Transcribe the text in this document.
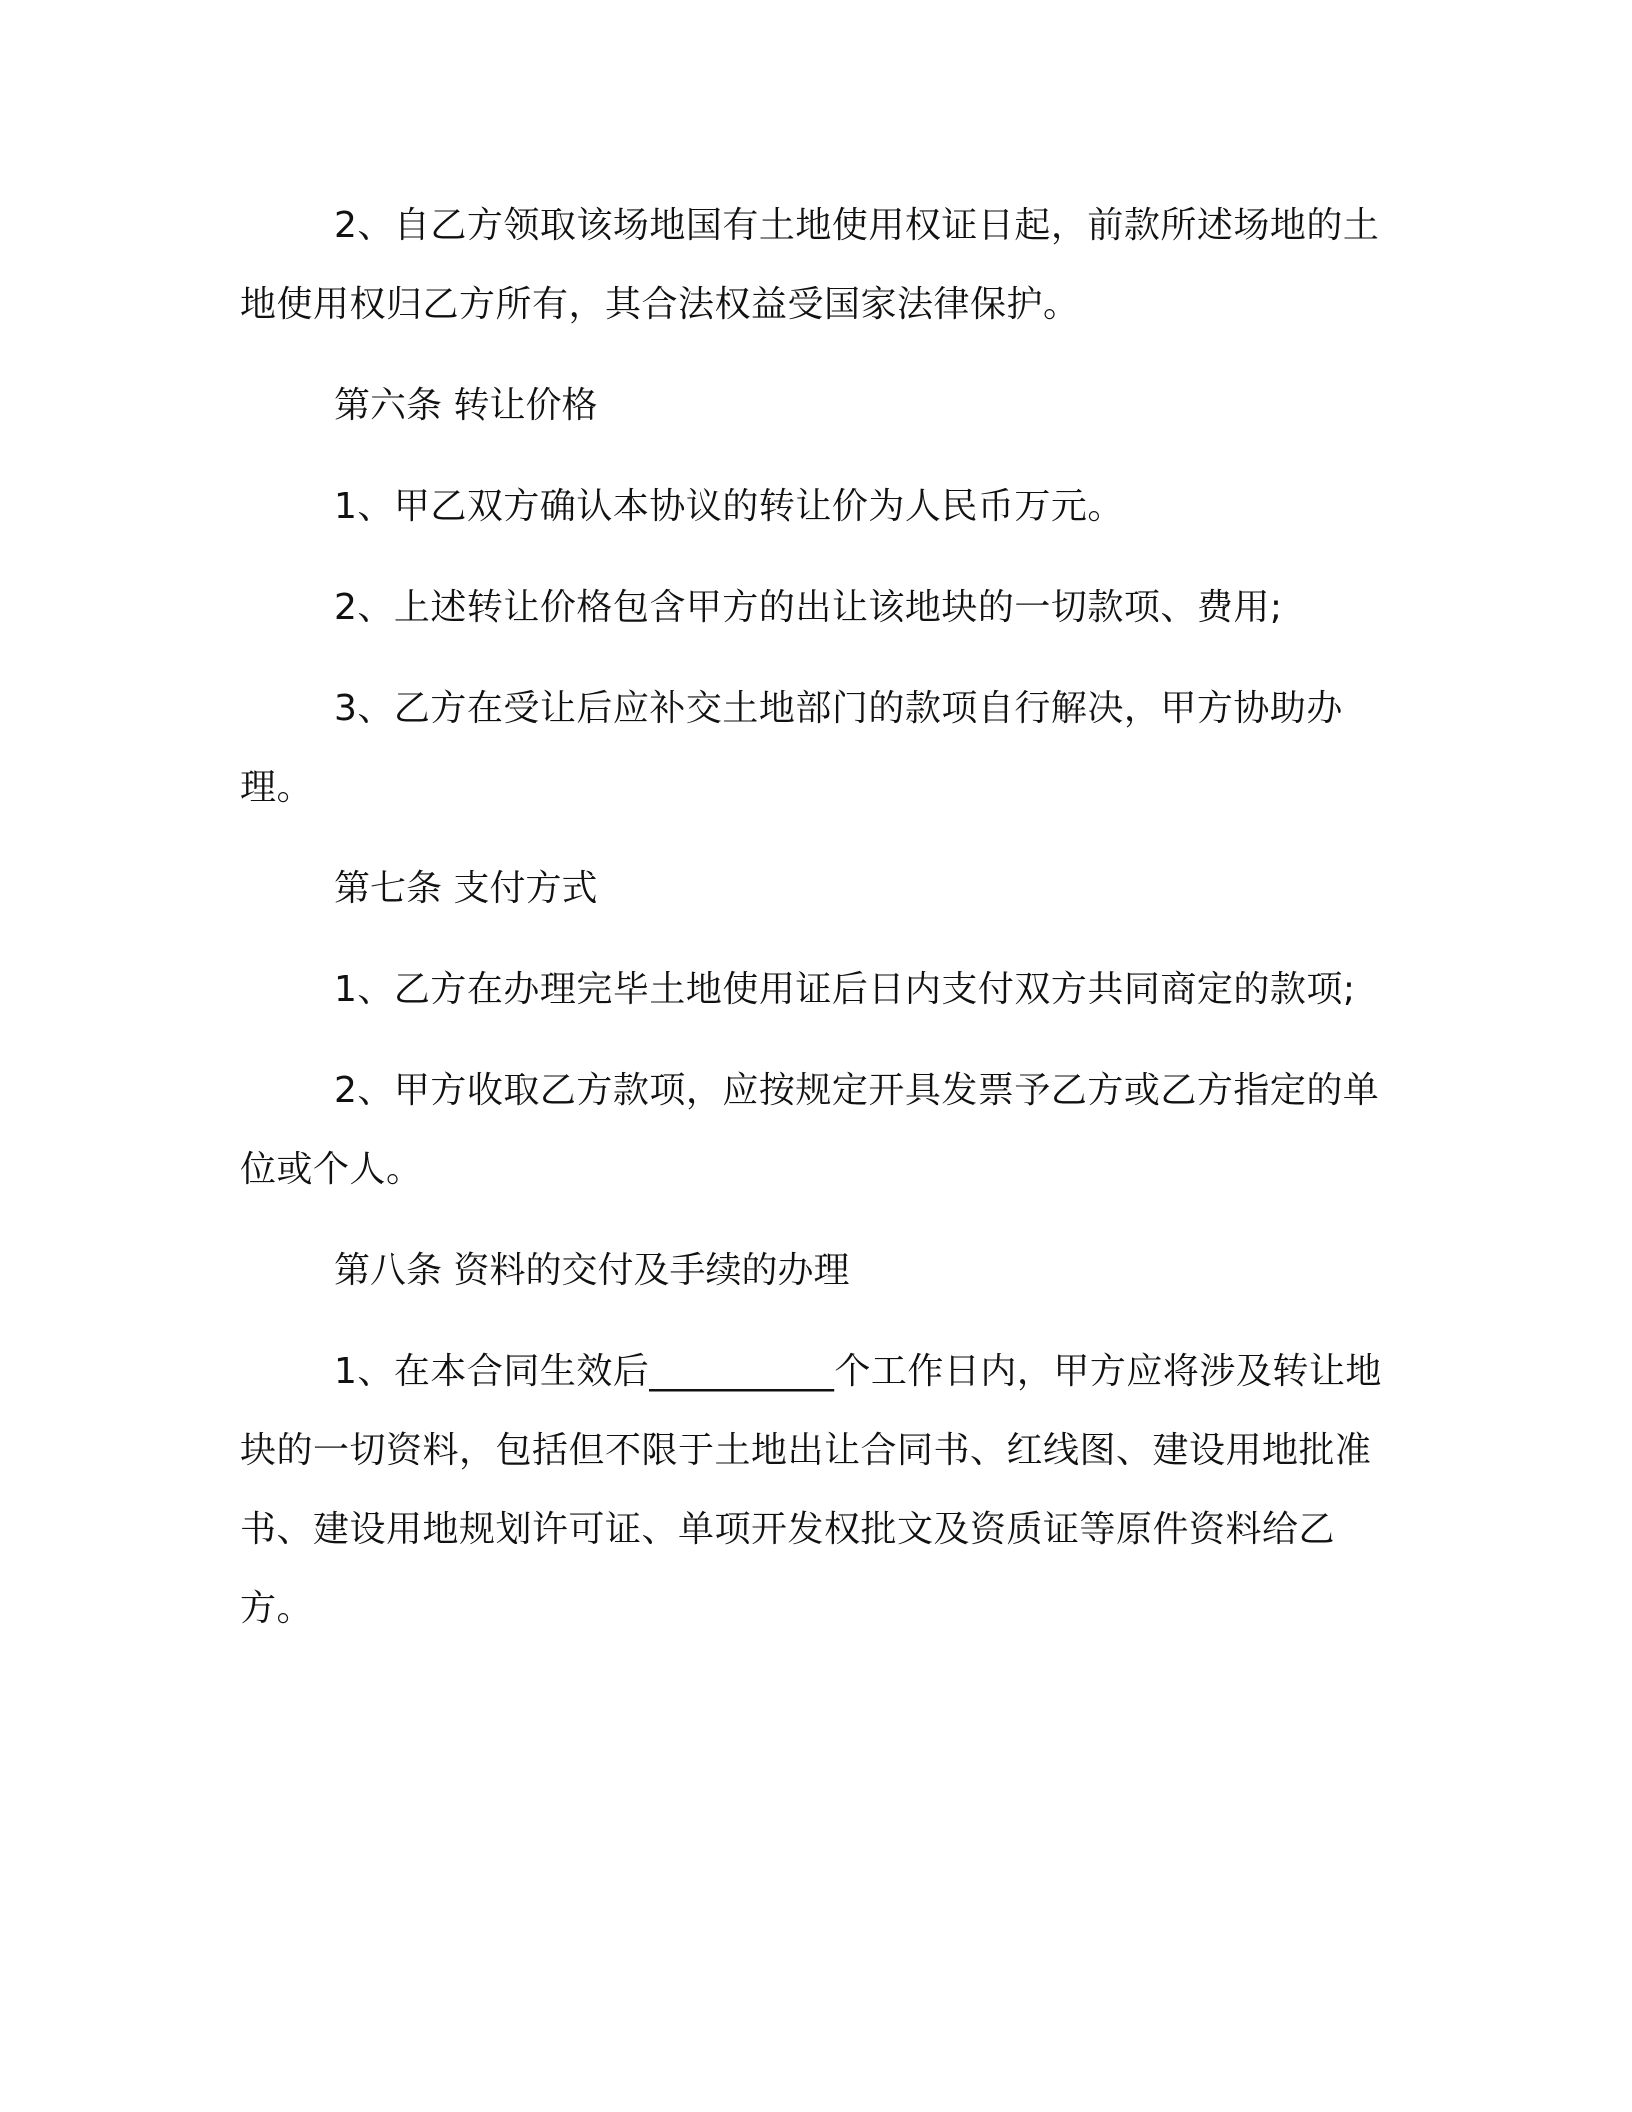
2、自乙方领取该场地国有土地使用权证日起，前款所述场地的土地使用权归乙方所有，其合法权益受国家法律保护。

第六条 转让价格

1、甲乙双方确认本协议的转让价为人民币万元。

2、上述转让价格包含甲方的出让该地块的一切款项、费用;

3、乙方在受让后应补交土地部门的款项自行解决，甲方协助办理。

第七条 支付方式

1、乙方在办理完毕土地使用证后日内支付双方共同商定的款项;

2、甲方收取乙方款项，应按规定开具发票予乙方或乙方指定的单位或个人。

第八条 资料的交付及手续的办理

1、在本合同生效后__________个工作日内，甲方应将涉及转让地块的一切资料，包括但不限于土地出让合同书、红线图、建设用地批准书、建设用地规划许可证、单项开发权批文及资质证等原件资料给乙方。
